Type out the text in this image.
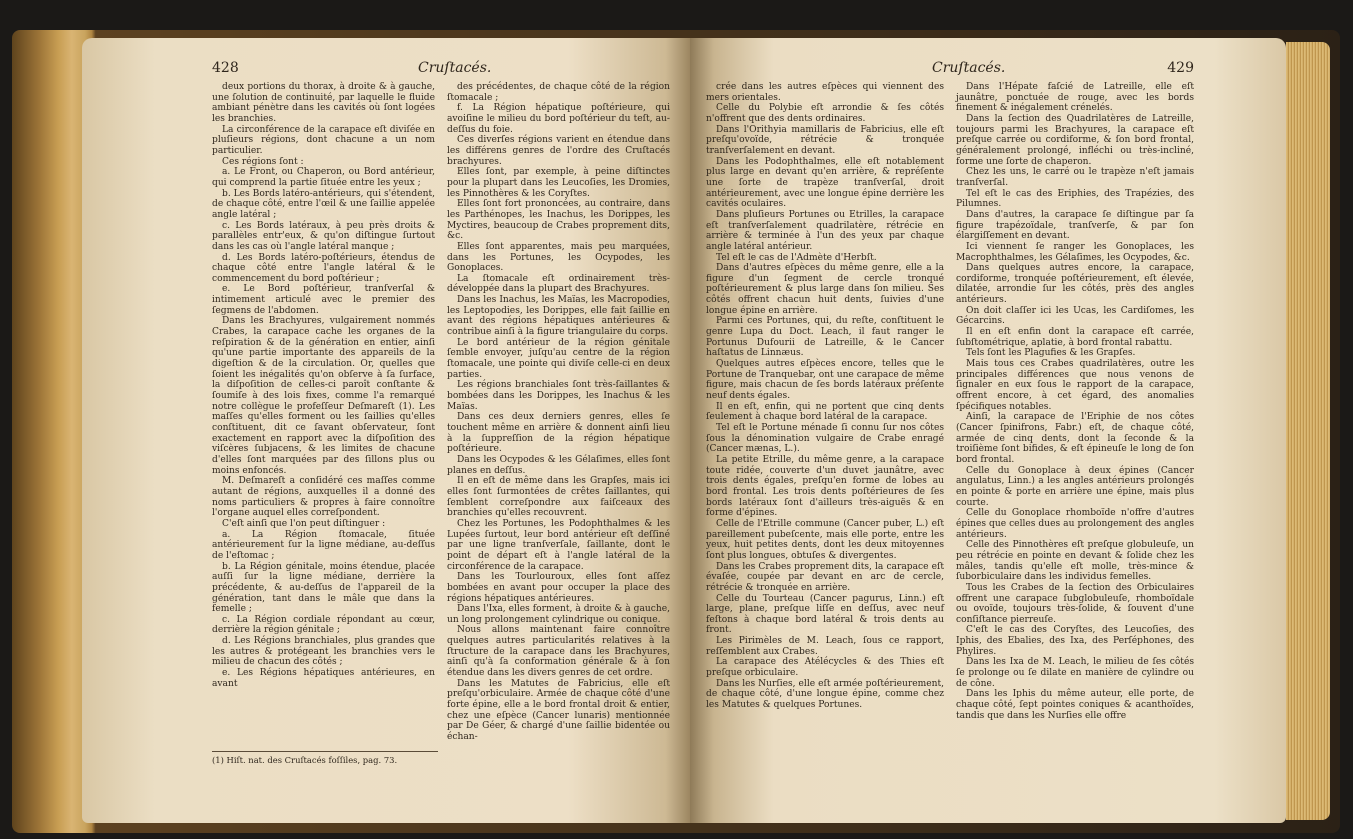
428	Cruſtacés.

deux portions du thorax, à droite & à gauche, une ſolution de continuité, par laquelle le fluide ambiant pénètre dans les cavités où ſont logées les branchies.

La circonférence de la carapace eſt diviſée en pluſieurs régions, dont chacune a un nom particulier.

Ces régions ſont :

a. Le Front, ou Chaperon, ou Bord antérieur, qui comprend la partie ſituée entre les yeux ;

b. Les Bords latéro-antérieurs, qui s'étendent, de chaque côté, entre l'œil & une ſaillie appelée angle latéral ;

c. Les Bords latéraux, à peu près droits & parallèles entr'eux, & qu'on diſtingue ſurtout dans les cas où l'angle latéral manque ;

d. Les Bords latéro-poſtérieurs, étendus de chaque côté entre l'angle latéral & le commencement du bord poſtérieur ;

e. Le Bord poſtérieur, tranſverſal & intimement articulé avec le premier des ſegmens de l'abdomen.

Dans les Brachyures, vulgairement nommés Crabes, la carapace cache les organes de la reſpiration & de la génération en entier, ainſi qu'une partie importante des appareils de la digeſtion & de la circulation. Or, quelles que ſoient les inégalités qu'on obſerve à ſa ſurface, la diſpoſition de celles-ci paroît conſtante & ſoumiſe à des lois fixes, comme l'a remarqué notre collègue le profeſſeur Deſmareſt (1). Les maſſes qu'elles forment ou les ſaillies qu'elles conſtituent, dit ce ſavant obſervateur, ſont exactement en rapport avec la diſpoſition des viſcères ſubjacens, & les limites de chacune d'elles ſont marquées par des ſillons plus ou moins enfoncés.

M. Deſmareſt a conſidéré ces maſſes comme autant de régions, auxquelles il a donné des noms particuliers & propres à faire connoître l'organe auquel elles correſpondent.

C'eſt ainſi que l'on peut diſtinguer :

a. La Région ſtomacale, ſituée antérieurement ſur la ligne médiane, au-deſſus de l'eſtomac ;

b. La Région génitale, moins étendue, placée auſſi ſur la ligne médiane, derrière la précédente, & au-deſſus de l'appareil de la génération, tant dans le mâle que dans la femelle ;

c. La Région cordiale répondant au cœur, derrière la région génitale ;

d. Les Régions branchiales, plus grandes que les autres & protégeant les branchies vers le milieu de chacun des côtés ;

e. Les Régions hépatiques antérieures, en avant

des précédentes, de chaque côté de la région ſtomacale ;

f. La Région hépatique poſtérieure, qui avoiſine le milieu du bord poſtérieur du teſt, au-deſſus du foie.

Ces diverſes régions varient en étendue dans les différens genres de l'ordre des Cruſtacés brachyures.

Elles ſont, par exemple, à peine diſtinctes pour la plupart dans les Leucoſies, les Dromies, les Pinnothères & les Coryſtes.

Elles ſont fort prononcées, au contraire, dans les Parthénopes, les Inachus, les Dorippes, les Myctires, beaucoup de Crabes proprement dits, &c.

Elles ſont apparentes, mais peu marquées, dans les Portunes, les Ocypodes, les Gonoplaces.

La ſtomacale eſt ordinairement très-développée dans la plupart des Brachyures.

Dans les Inachus, les Maïas, les Macropodies, les Leptopodies, les Dorippes, elle fait ſaillie en avant des régions hépatiques antérieures & contribue ainſi à la figure triangulaire du corps.

Le bord antérieur de la région génitale ſemble envoyer, juſqu'au centre de la région ſtomacale, une pointe qui diviſe celle-ci en deux parties.

Les régions branchiales ſont très-ſaillantes & bombées dans les Dorippes, les Inachus & les Maïas.

Dans ces deux derniers genres, elles ſe touchent même en arrière & donnent ainſi lieu à la ſuppreſſion de la région hépatique poſtérieure.

Dans les Ocypodes & les Gélaſimes, elles ſont planes en deſſus.

Il en eſt de même dans les Grapſes, mais ici elles ſont ſurmontées de crêtes ſaillantes, qui ſemblent correſpondre aux faiſceaux des branchies qu'elles recouvrent.

Chez les Portunes, les Podophthalmes & les Lupées ſurtout, leur bord antérieur eſt deſſiné par une ligne tranſverſale, ſaillante, dont le point de départ eſt à l'angle latéral de la circonférence de la carapace.

Dans les Tourlouroux, elles ſont aſſez bombées en avant pour occuper la place des régions hépatiques antérieures.

Dans l'Ixa, elles forment, à droite & à gauche, un long prolongement cylindrique ou conique.

Nous allons maintenant faire connoître quelques autres particularités relatives à la ſtructure de la carapace dans les Brachyures, ainſi qu'à ſa conformation générale & à ſon étendue dans les divers genres de cet ordre.

Dans les Matutes de Fabricius, elle eſt preſqu'orbiculaire. Armée de chaque côté d'une forte épine, elle a le bord frontal droit & entier, chez une eſpèce (Cancer lunaris) mentionnée par De Géer, & chargé d'une ſaillie bidentée ou échan-

(1) Hiſt. nat. des Cruſtacés foſſiles, pag. 73.
Cruſtacés.	429

crée dans les autres eſpèces qui viennent des mers orientales.

Celle du Polybie eſt arrondie & ſes côtés n'offrent que des dents ordinaires.

Dans l'Orithyia mamillaris de Fabricius, elle eſt preſqu'ovoïde, rétrécie & tronquée tranſverſalement en devant.

Dans les Podophthalmes, elle eſt notablement plus large en devant qu'en arrière, & repréſente une ſorte de trapèze tranſverſal, droit antérieurement, avec une longue épine derrière les cavités oculaires.

Dans pluſieurs Portunes ou Etrilles, la carapace eſt tranſverſalement quadrilatère, rétrécie en arrière & terminée à l'un des yeux par chaque angle latéral antérieur.

Tel eſt le cas de l'Admète d'Herbſt.

Dans d'autres eſpèces du même genre, elle a la figure d'un ſegment de cercle tronqué poſtérieurement & plus large dans ſon milieu. Ses côtés offrent chacun huit dents, ſuivies d'une longue épine en arrière.

Parmi ces Portunes, qui, du reſte, conſtituent le genre Lupa du Doct. Leach, il faut ranger le Portunus Dufourii de Latreille, & le Cancer haſtatus de Linnæus.

Quelques autres eſpèces encore, telles que le Portune de Tranquebar, ont une carapace de même figure, mais chacun de ſes bords latéraux préſente neuf dents égales.

Il en eſt, enfin, qui ne portent que cinq dents ſeulement à chaque bord latéral de la carapace.

Tel eſt le Portune ménade ſi connu ſur nos côtes ſous la dénomination vulgaire de Crabe enragé (Cancer mænas, L.).

La petite Etrille, du même genre, a la carapace toute ridée, couverte d'un duvet jaunâtre, avec trois dents égales, preſqu'en forme de lobes au bord frontal. Les trois dents poſtérieures de ſes bords latéraux ſont d'ailleurs très-aiguës & en forme d'épines.

Celle de l'Etrille commune (Cancer puber, L.) eſt pareillement pubeſcente, mais elle porte, entre les yeux, huit petites dents, dont les deux mitoyennes ſont plus longues, obtuſes & divergentes.

Dans les Crabes proprement dits, la carapace eſt évaſée, coupée par devant en arc de cercle, rétrécie & tronquée en arrière.

Celle du Tourteau (Cancer pagurus, Linn.) eſt large, plane, preſque liſſe en deſſus, avec neuf feſtons à chaque bord latéral & trois dents au front.

Les Pirimèles de M. Leach, ſous ce rapport, reſſemblent aux Crabes.

La carapace des Atélécycles & des Thies eſt preſque orbiculaire.

Dans les Nurſies, elle eſt armée poſtérieurement, de chaque côté, d'une longue épine, comme chez les Matutes & quelques Portunes.

Dans l'Hépate faſcié de Latreille, elle eſt jaunâtre, ponctuée de rouge, avec les bords finement & inégalement crénelés.

Dans la ſection des Quadrilatères de Latreille, toujours parmi les Brachyures, la carapace eſt preſque carrée ou cordiforme, & ſon bord frontal, généralement prolongé, infléchi ou très-incliné, forme une ſorte de chaperon.

Chez les uns, le carré ou le trapèze n'eſt jamais tranſverſal.

Tel eſt le cas des Eriphies, des Trapézies, des Pilumnes.

Dans d'autres, la carapace ſe diſtingue par ſa figure trapézoïdale, tranſverſe, & par ſon élargiſſement en devant.

Ici viennent ſe ranger les Gonoplaces, les Macrophthalmes, les Gélaſimes, les Ocypodes, &c.

Dans quelques autres encore, la carapace, cordiforme, tronquée poſtérieurement, eſt élevée, dilatée, arrondie ſur les côtés, près des angles antérieurs.

On doit claſſer ici les Ucas, les Cardiſomes, les Gécarcins.

Il en eſt enfin dont la carapace eſt carrée, ſubſtométrique, aplatie, à bord frontal rabattu.

Tels ſont les Plagufies & les Grapſes.

Mais tous ces Crabes quadrilatères, outre les principales différences que nous venons de ſignaler en eux ſous le rapport de la carapace, offrent encore, à cet égard, des anomalies ſpécifiques notables.

Ainſi, la carapace de l'Eriphie de nos côtes (Cancer ſpinifrons, Fabr.) eſt, de chaque côté, armée de cinq dents, dont la ſeconde & la troiſième ſont bifides, & eſt épineuſe le long de ſon bord frontal.

Celle du Gonoplace à deux épines (Cancer angulatus, Linn.) a les angles antérieurs prolongés en pointe & porte en arrière une épine, mais plus courte.

Celle du Gonoplace rhomboïde n'offre d'autres épines que celles dues au prolongement des angles antérieurs.

Celle des Pinnothères eſt preſque globuleuſe, un peu rétrécie en pointe en devant & ſolide chez les mâles, tandis qu'elle eſt molle, très-mince & ſuborbiculaire dans les individus femelles.

Tous les Crabes de la ſection des Orbiculaires offrent une carapace ſubglobuleuſe, rhomboïdale ou ovoïde, toujours très-ſolide, & ſouvent d'une conſiſtance pierreuſe.

C'eſt le cas des Coryſtes, des Leucoſies, des Iphis, des Ebalies, des Ixa, des Perſéphones, des Phylires.

Dans les Ixa de M. Leach, le milieu de ſes côtés ſe prolonge ou ſe dilate en manière de cylindre ou de cône.

Dans les Iphis du même auteur, elle porte, de chaque côté, ſept pointes coniques & acanthoïdes, tandis que dans les Nurſies elle offre
